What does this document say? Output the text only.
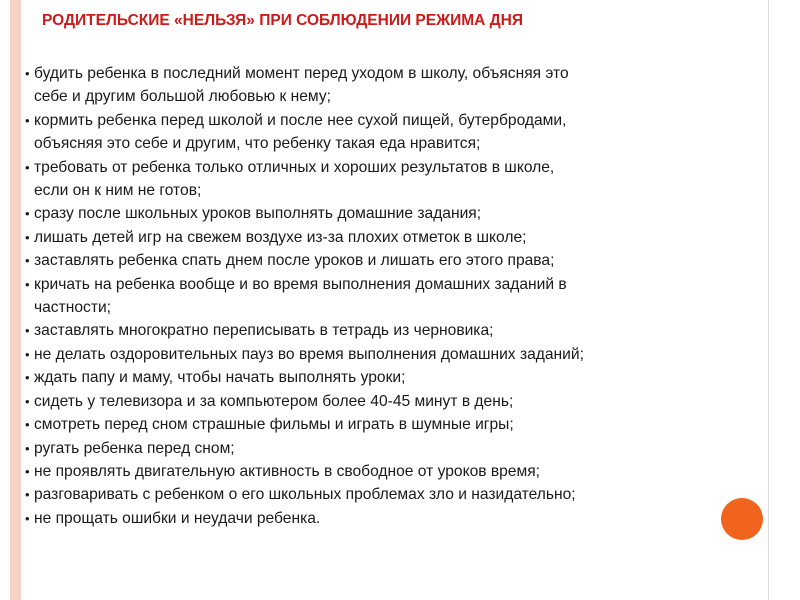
РОДИТЕЛЬСКИЕ «НЕЛЬЗЯ» ПРИ СОБЛЮДЕНИИ РЕЖИМА ДНЯ
• будить ребенка в последний момент перед уходом в школу, объясняя это
себе и другим большой любовью к нему;
• кормить ребенка перед школой и после нее сухой пищей, бутербродами,
объясняя это себе и другим, что ребенку такая еда нравится;
• требовать от ребенка только отличных и хороших результатов в школе,
если он к ним не готов;
• сразу после школьных уроков выполнять домашние задания;
• лишать детей игр на свежем воздухе из-за плохих отметок в школе;
• заставлять ребенка спать днем после уроков и лишать его этого права;
• кричать на ребенка вообще и во время выполнения домашних заданий в
частности;
• заставлять многократно переписывать в тетрадь из черновика;
• не делать оздоровительных пауз во время выполнения домашних заданий;
• ждать папу и маму, чтобы начать выполнять уроки;
• сидеть у телевизора и за компьютером более 40-45 минут в день;
• смотреть перед сном страшные фильмы и играть в шумные игры;
• ругать ребенка перед сном;
• не проявлять двигательную активность в свободное от уроков время;
• разговаривать с ребенком о его школьных проблемах зло и назидательно;
• не прощать ошибки и неудачи ребенка.
